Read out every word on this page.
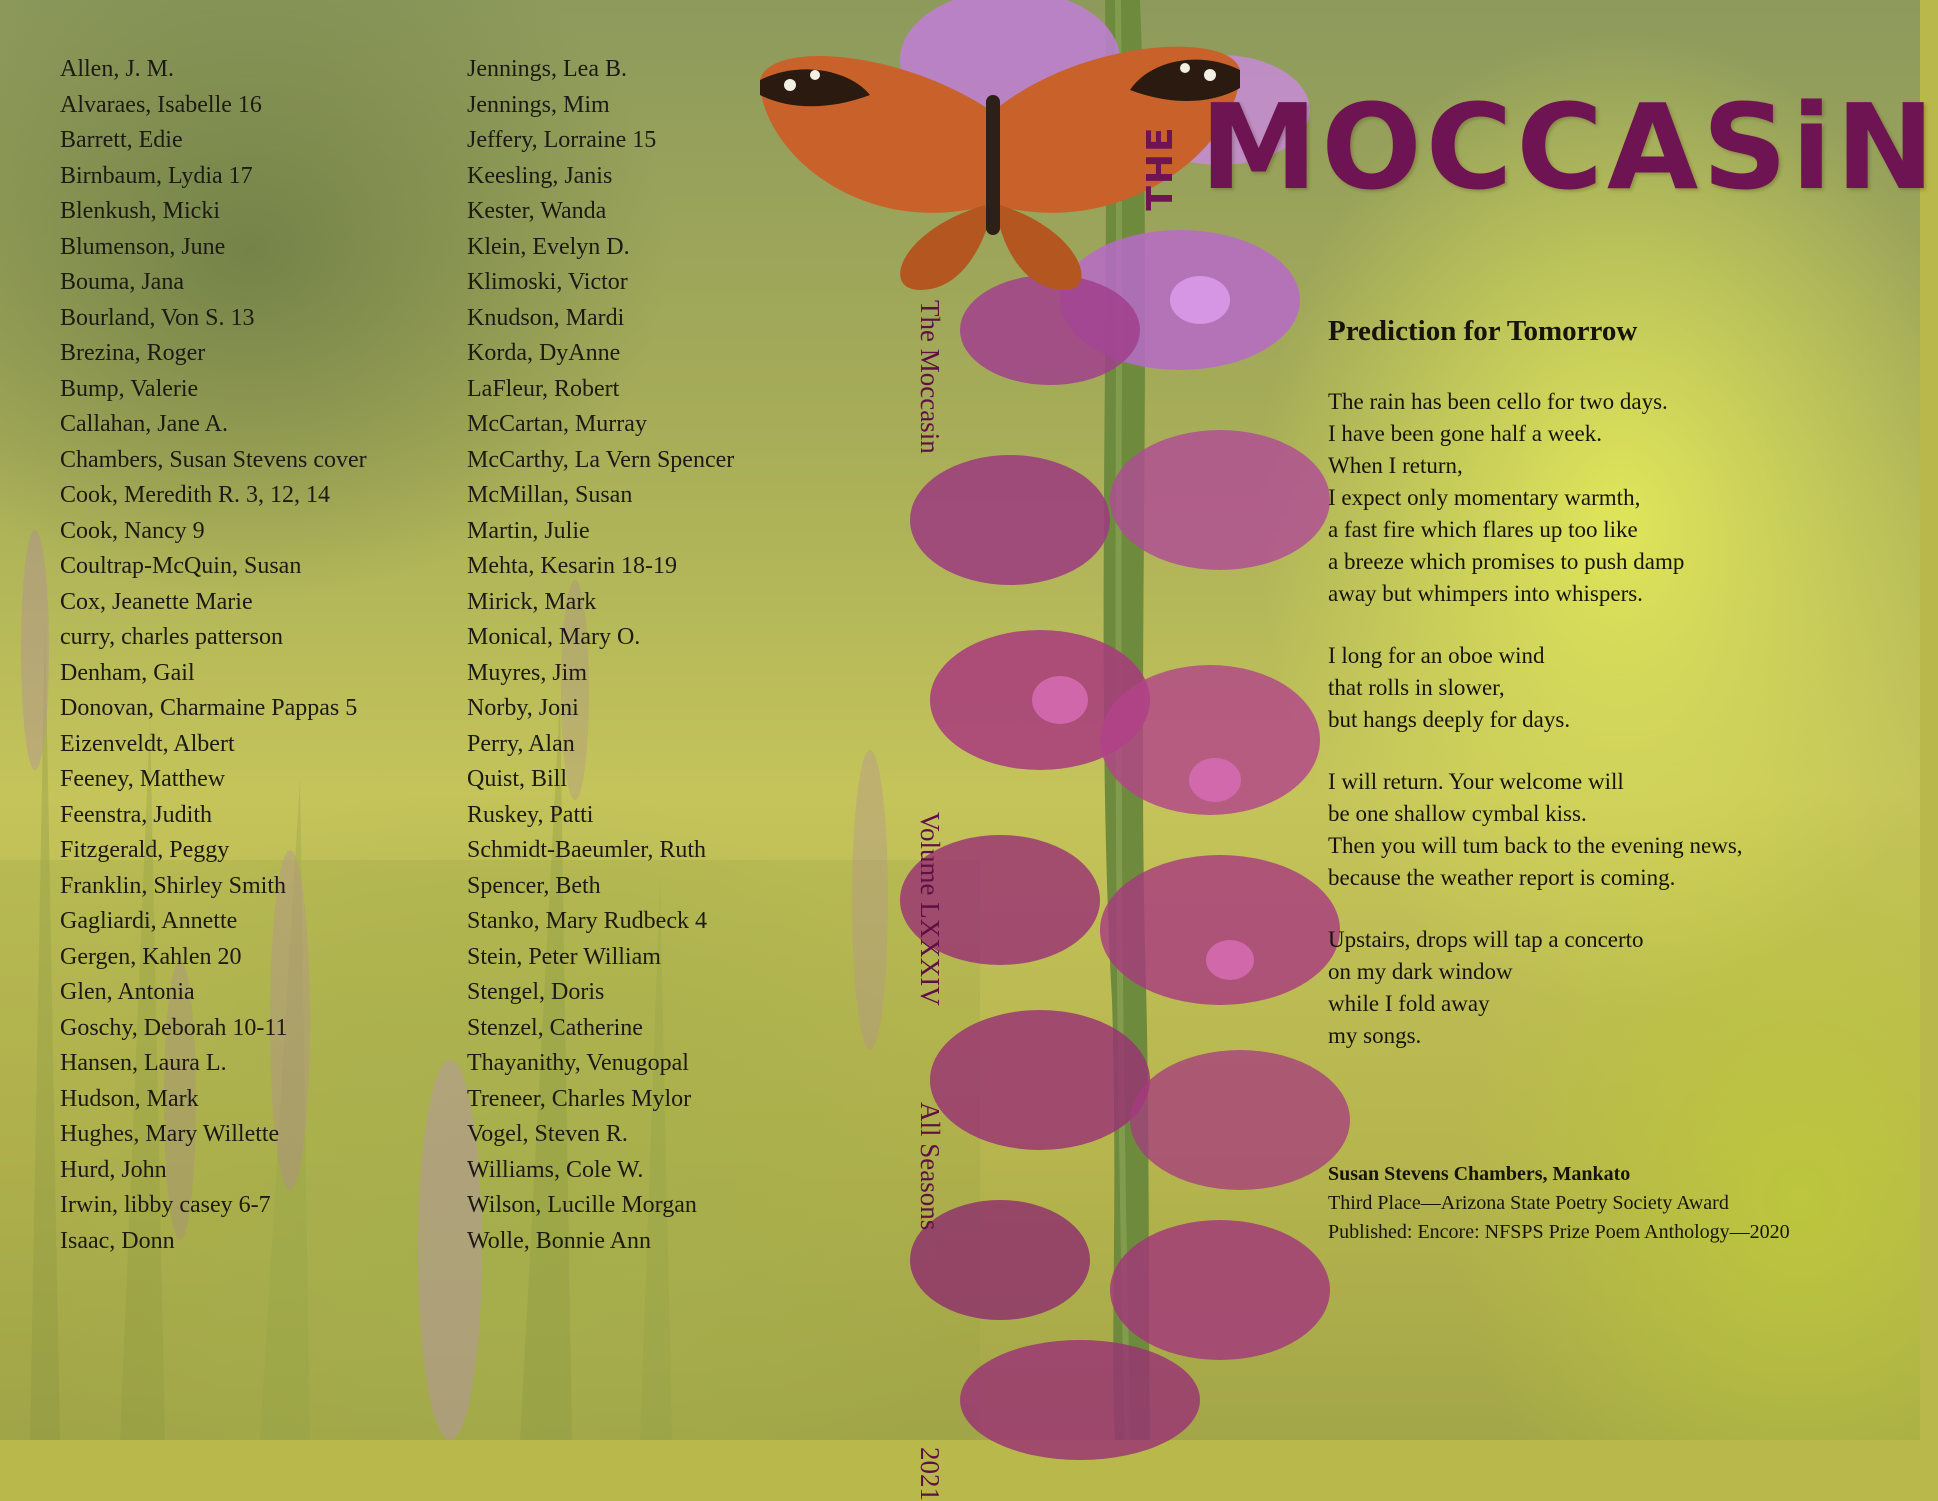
Allen, J. M.
Alvaraes, Isabelle 16
Barrett, Edie
Birnbaum, Lydia 17
Blenkush, Micki
Blumenson, June
Bouma, Jana
Bourland, Von S. 13
Brezina, Roger
Bump, Valerie
Callahan, Jane A.
Chambers, Susan Stevens cover
Cook, Meredith R. 3, 12, 14
Cook, Nancy 9
Coultrap-McQuin, Susan
Cox, Jeanette Marie
curry, charles patterson
Denham, Gail
Donovan, Charmaine Pappas 5
Eizenveldt, Albert
Feeney, Matthew
Feenstra, Judith
Fitzgerald, Peggy
Franklin, Shirley Smith
Gagliardi, Annette
Gergen, Kahlen 20
Glen, Antonia
Goschy, Deborah 10-11
Hansen, Laura L.
Hudson, Mark
Hughes, Mary Willette
Hurd, John
Irwin, libby casey 6-7
Isaac, Donn
Jennings, Lea B.
Jennings, Mim
Jeffery, Lorraine 15
Keesling, Janis
Kester, Wanda
Klein, Evelyn D.
Klimoski, Victor
Knudson, Mardi
Korda, DyAnne
LaFleur, Robert
McCartan, Murray
McCarthy, La Vern Spencer
McMillan, Susan
Martin, Julie
Mehta, Kesarin 18-19
Mirick, Mark
Monical, Mary O.
Muyres, Jim
Norby, Joni
Perry, Alan
Quist, Bill
Ruskey, Patti
Schmidt-Baeumler, Ruth
Spencer, Beth
Stanko, Mary Rudbeck 4
Stein, Peter William
Stengel, Doris
Stenzel, Catherine
Thayanithy, Venugopal
Treneer, Charles Mylor
Vogel, Steven R.
Williams, Cole W.
Wilson, Lucille Morgan
Wolle, Bonnie Ann
The MoccasinVolume LXXXIVAll Seasons2021
THE MOCCASiN
Prediction for Tomorrow
The rain has been cello for two days.
I have been gone half a week.
When I return,
I expect only momentary warmth,
a fast fire which flares up too like
a breeze which promises to push damp
away but whimpers into whispers.
I long for an oboe wind
that rolls in slower,
but hangs deeply for days.
I will return. Your welcome will
be one shallow cymbal kiss.
Then you will tum back to the evening news,
because the weather report is coming.
Upstairs, drops will tap a concerto
on my dark window
while I fold away
my songs.
Susan Stevens Chambers, Mankato
Third Place—Arizona State Poetry Society Award
Published: Encore: NFSPS Prize Poem Anthology—2020
